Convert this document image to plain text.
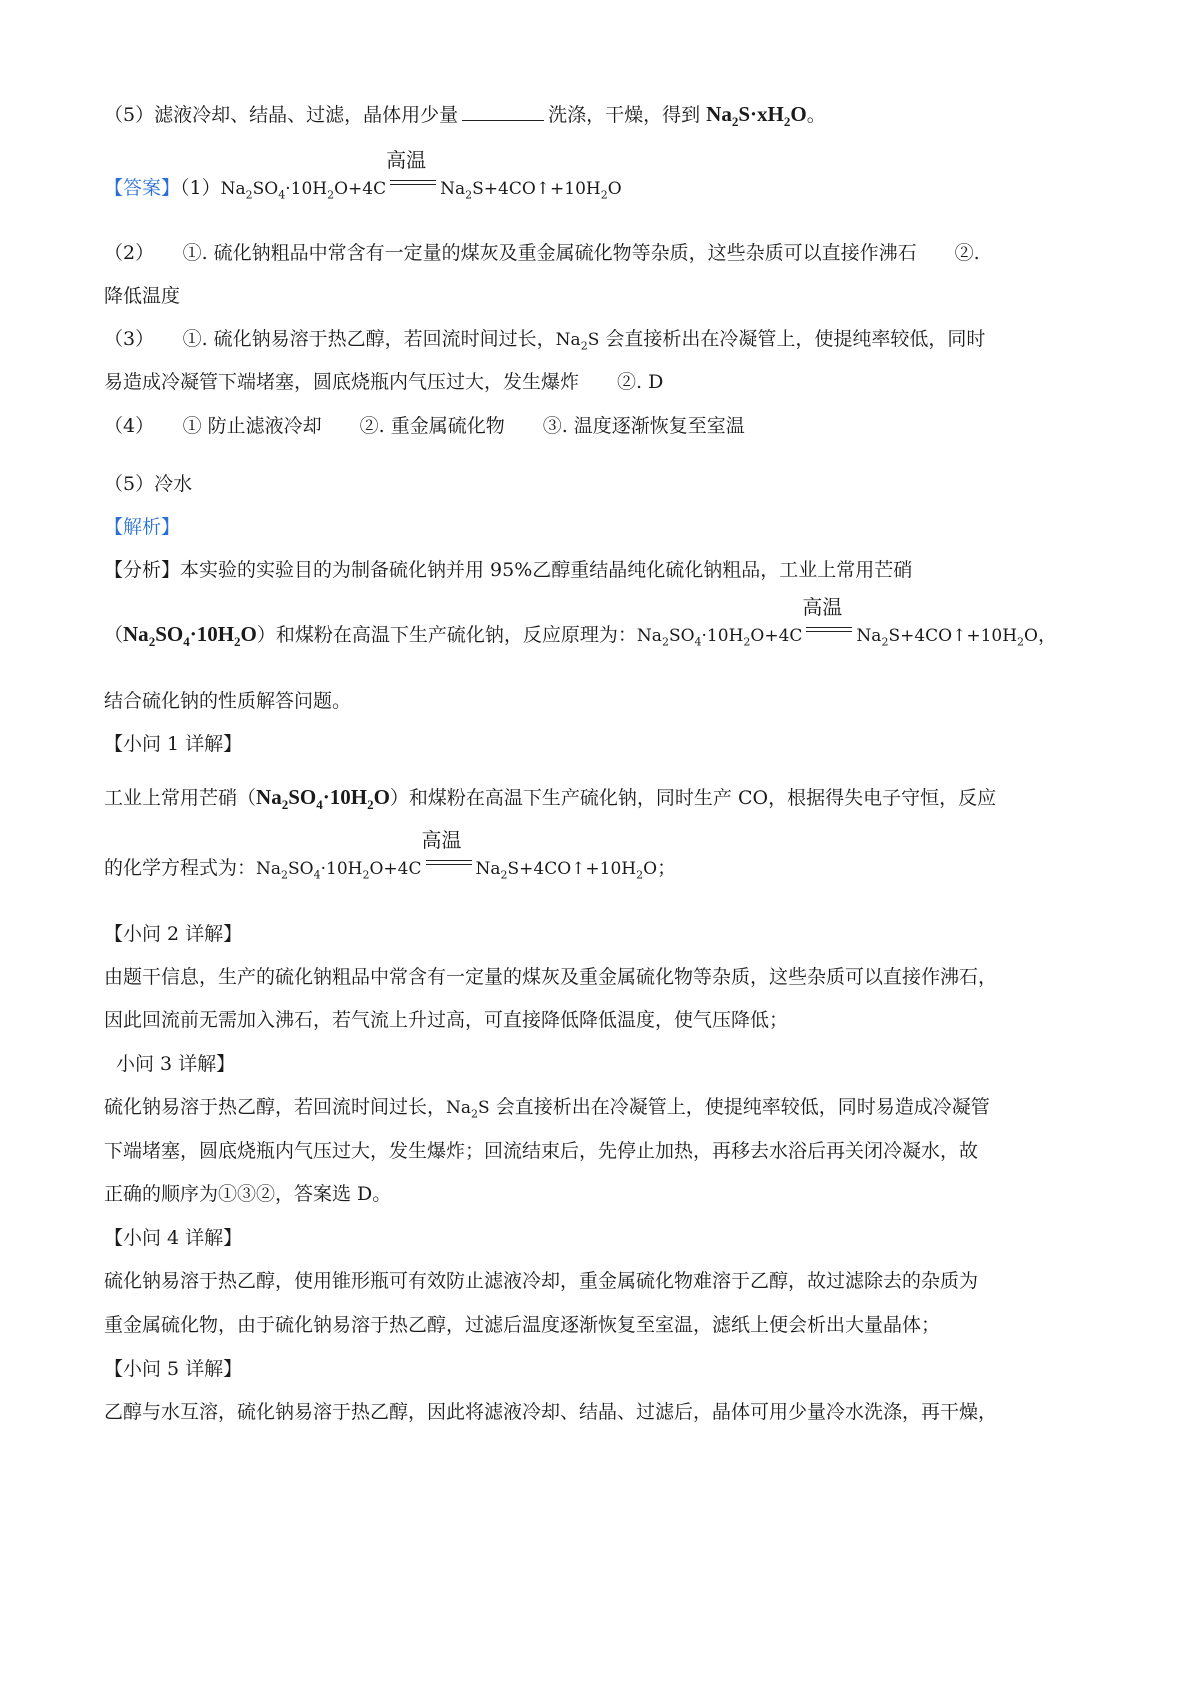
（5）滤液冷却、结晶、过滤，晶体用少量	洗涤，干燥，得到 $Na_2S\cdot xH_2O$。
【答案】$(1)Na_2SO_4\cdot 10H_2O+4C$
高温
$Na_2S+4CO↑+10H_2O$
（2）　　①. 硫化钠粗品中常含有一定量的煤灰及重金属硫化物等杂质，这些杂质可以直接作沸石　　②.
降低温度
（3）　　①. 硫化钠易溶于热乙醇，若回流时间过长，$Na_2S$ 会直接析出在冷凝管上，使提纯率较低，同时
易造成冷凝管下端堵塞，圆底烧瓶内气压过大，发生爆炸　　②. D
（4）　　① 防止滤液冷却　　②. 重金属硫化物　　③. 温度逐渐恢复至室温
（5）冷水
【解析】
【分析】本实验的实验目的为制备硫化钠并用 95%乙醇重结晶纯化硫化钠粗品，工业上常用芒硝
$(Na_2SO_4\cdot 10H_2O)$和煤粉在高温下生产硫化钠，反应原理为：$Na_2SO_4\cdot 10H_2O+4C$
高温
$Na_2S+4CO↑+10H_2O$，
结合硫化钠的性质解答问题。
【小问 1 详解】
工业上常用芒硝$(Na_2SO_4\cdot 10H_2O)$和煤粉在高温下生产硫化钠，同时生产 CO，根据得失电子守恒，反应
的化学方程式为：$Na_2SO_4\cdot 10H_2O+4C$
高温
$Na_2S+4CO↑+10H_2O$；
【小问 2 详解】
由题干信息，生产的硫化钠粗品中常含有一定量的煤灰及重金属硫化物等杂质，这些杂质可以直接作沸石，
因此回流前无需加入沸石，若气流上升过高，可直接降低降低温度，使气压降低；
小问 3 详解】
硫化钠易溶于热乙醇，若回流时间过长，$Na_2S$ 会直接析出在冷凝管上，使提纯率较低，同时易造成冷凝管
下端堵塞，圆底烧瓶内气压过大，发生爆炸；回流结束后，先停止加热，再移去水浴后再关闭冷凝水，故
正确的顺序为①③②，答案选 D。
【小问 4 详解】
硫化钠易溶于热乙醇，使用锥形瓶可有效防止滤液冷却，重金属硫化物难溶于乙醇，故过滤除去的杂质为
重金属硫化物，由于硫化钠易溶于热乙醇，过滤后温度逐渐恢复至室温，滤纸上便会析出大量晶体；
【小问 5 详解】
乙醇与水互溶，硫化钠易溶于热乙醇，因此将滤液冷却、结晶、过滤后，晶体可用少量冷水洗涤，再干燥，
